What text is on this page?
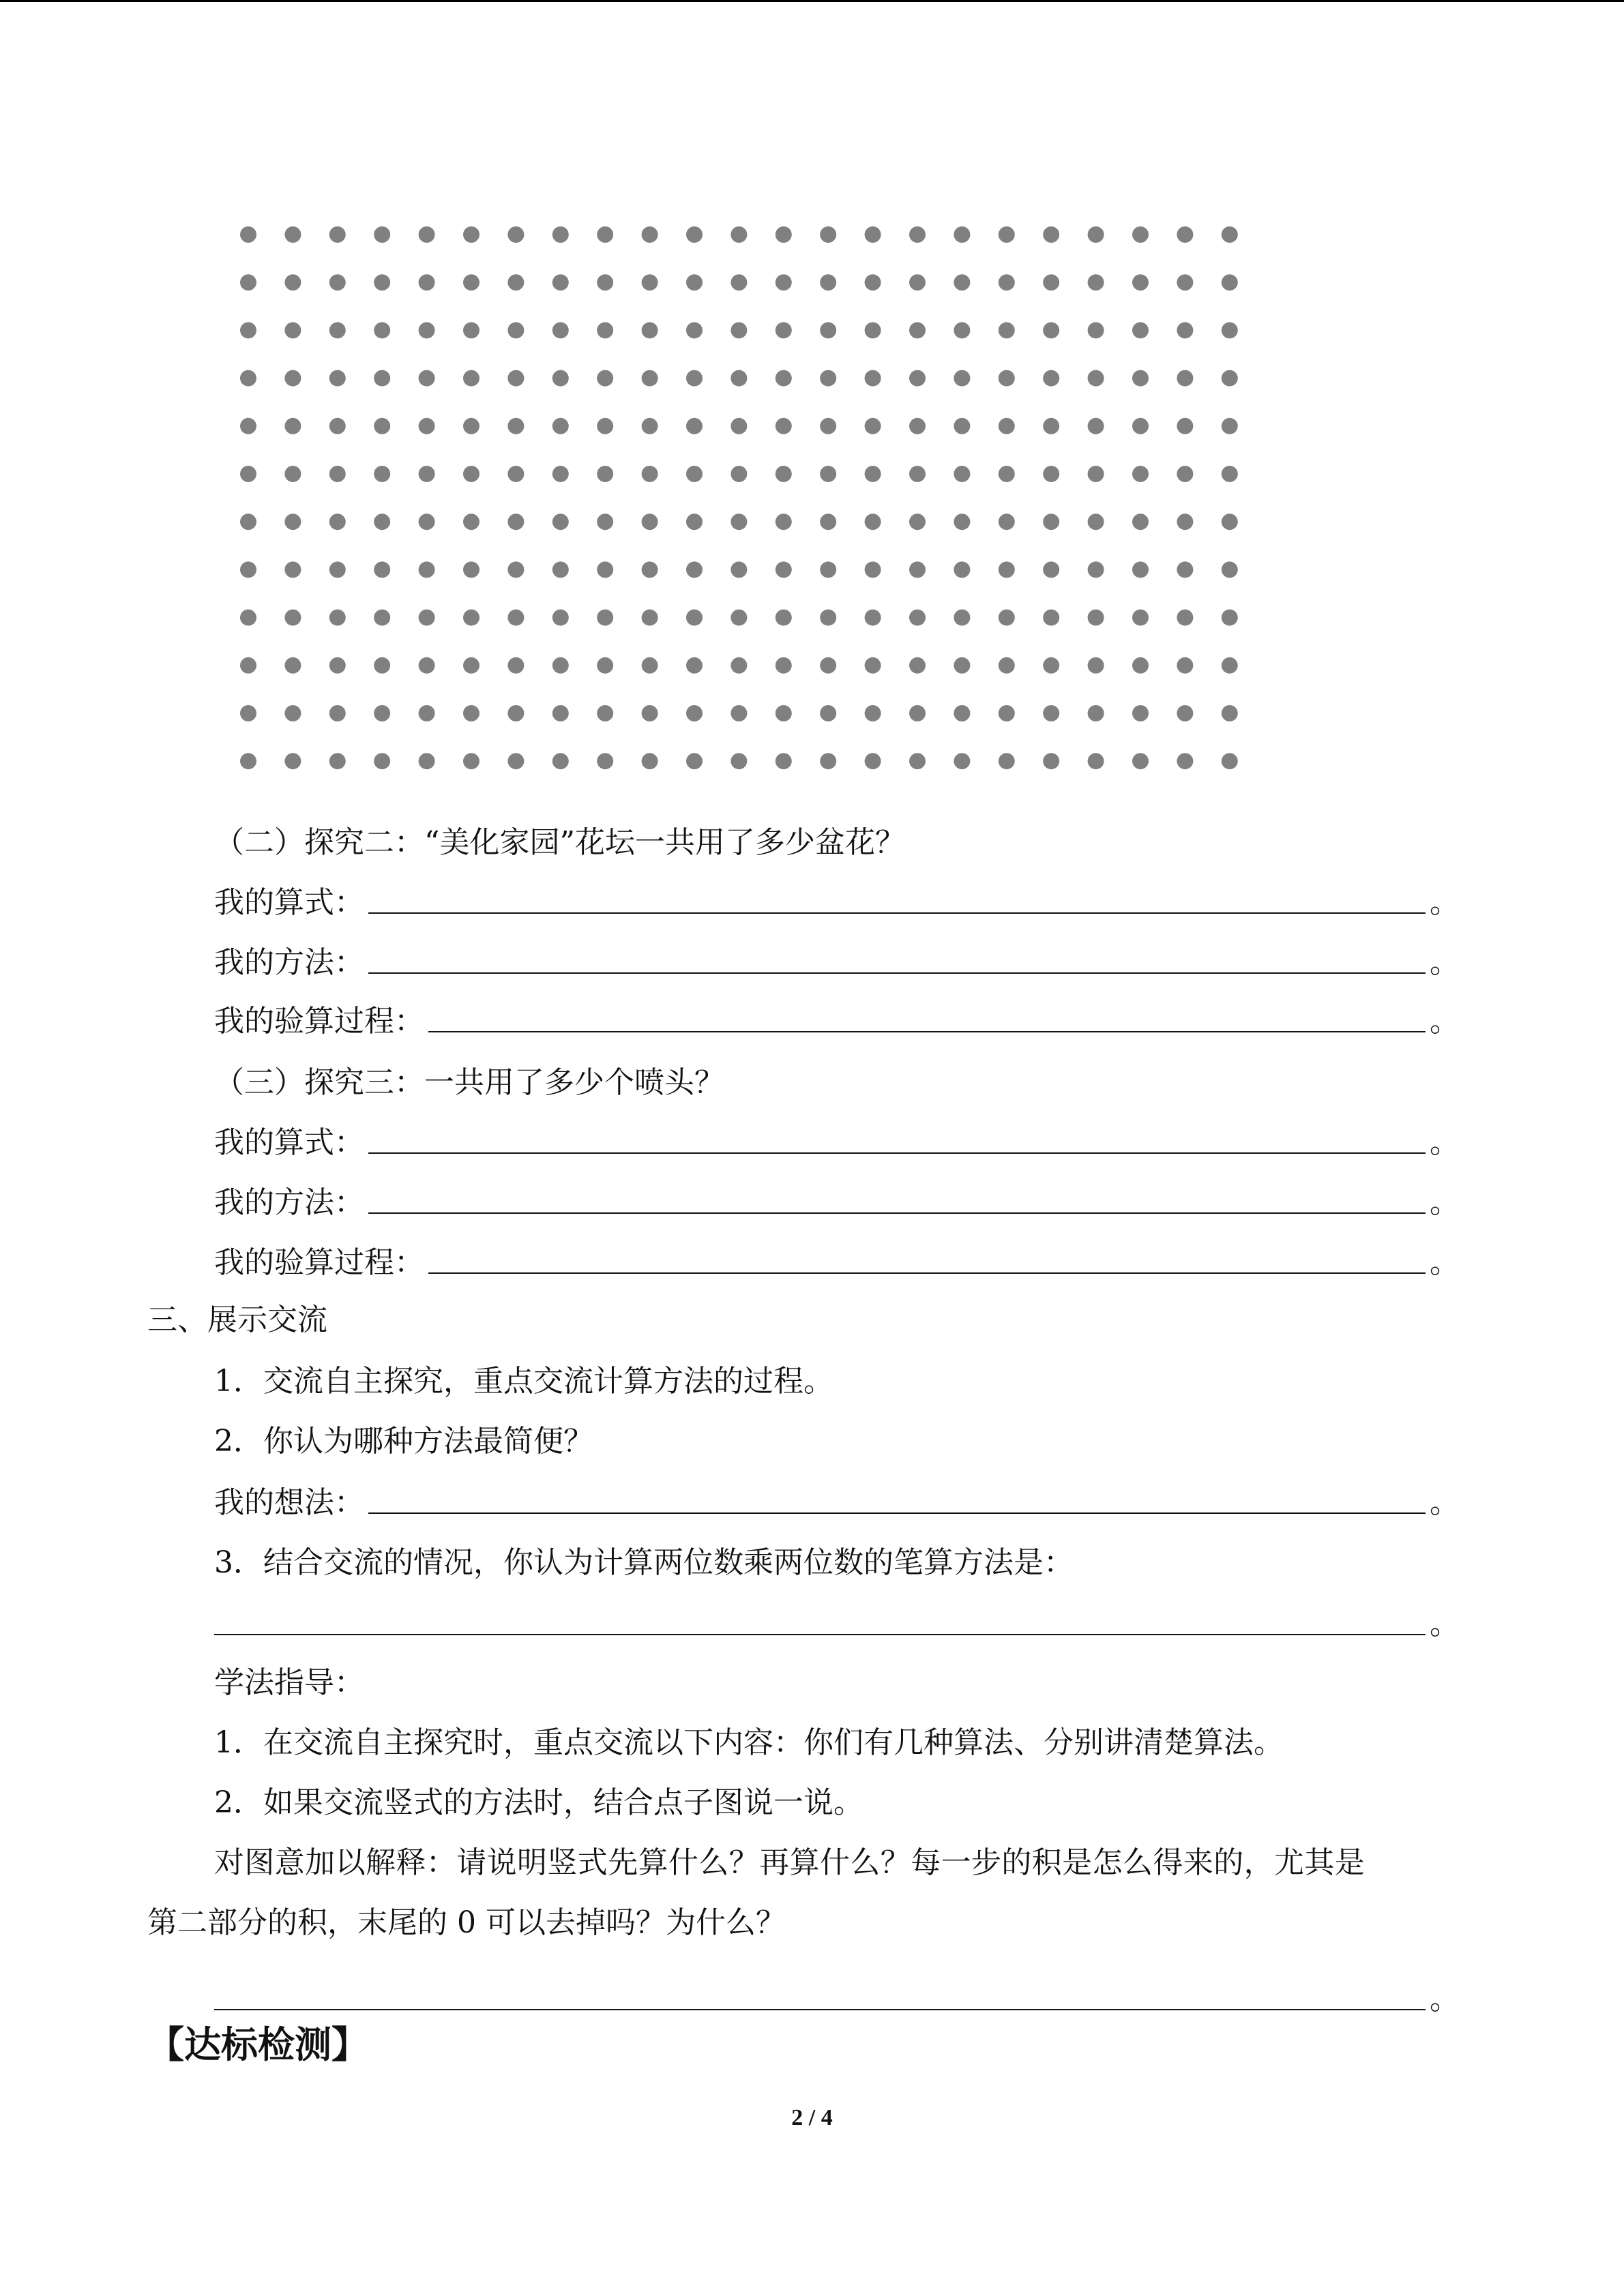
（二）探究二：“美化家园”花坛一共用了多少盆花？
我的算式：	。
我的方法：	。
我的验算过程：	。
（三）探究三：一共用了多少个喷头？
我的算式：	。
我的方法：	。
我的验算过程：	。
三、展示交流
1．交流自主探究，重点交流计算方法的过程。
2．你认为哪种方法最简便？
我的想法：	。
3．结合交流的情况，你认为计算两位数乘两位数的笔算方法是：
。
学法指导：
1．在交流自主探究时，重点交流以下内容：你们有几种算法、分别讲清楚算法。
2．如果交流竖式的方法时，结合点子图说一说。
对图意加以解释：请说明竖式先算什么？再算什么？每一步的积是怎么得来的，尤其是
第二部分的积，末尾的 0 可以去掉吗？为什么？
。
【达标检测】
2 / 4
